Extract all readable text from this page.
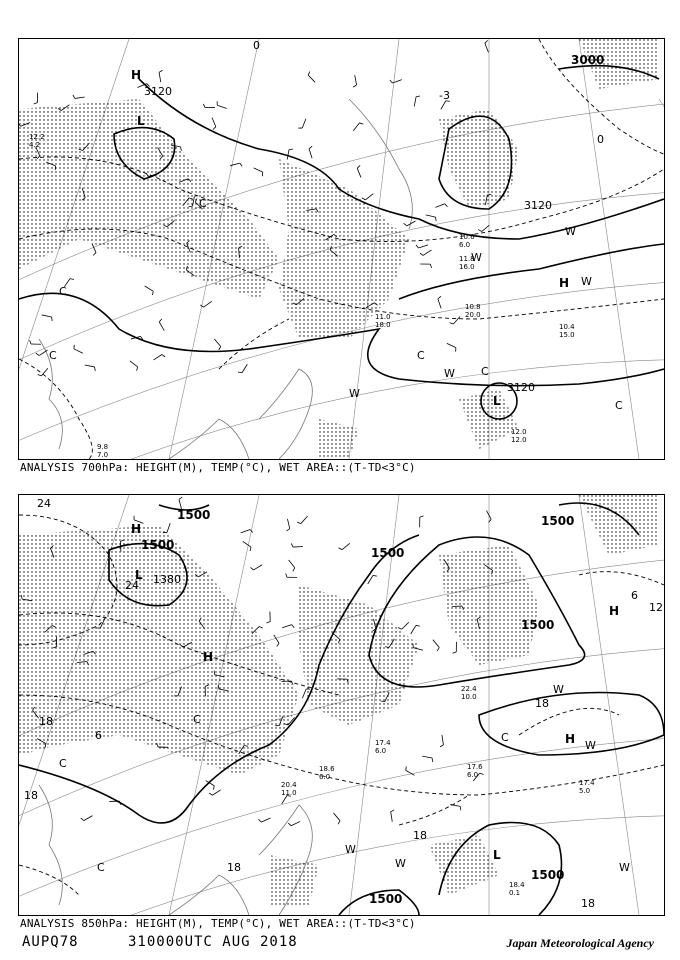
10.8
20.0
10.4
15.0
12.0
12.0
11.0
18.0
11.8
16.0
10.6
6.0
9.8
7.0
12.2
4.2
H
L
H
L
3120
3120
3120
3000
0
0
-3
C
C
C	C
C
C
W
W
W
W
W
ANALYSIS 700hPa: HEIGHT(M), TEMP(°C), WET AREA::(T-TD<3°C)
17.4
5.0
17.6
6.0
18.4
0.1
20.4
11.0
18.6
6.0
22.4
10.0
17.4
6.0
H
L
H
H
H
L
1500
1500
1380
1500
1500
1500
1500
1500
24
24
18
18
18
18
18
18
12
6
6
C
C
C
C
W
W
W
W	W
ANALYSIS 850hPa: HEIGHT(M), TEMP(°C), WET AREA::(T-TD<3°C)
AUPQ78	310000UTC AUG 2018	Japan Meteorological Agency
